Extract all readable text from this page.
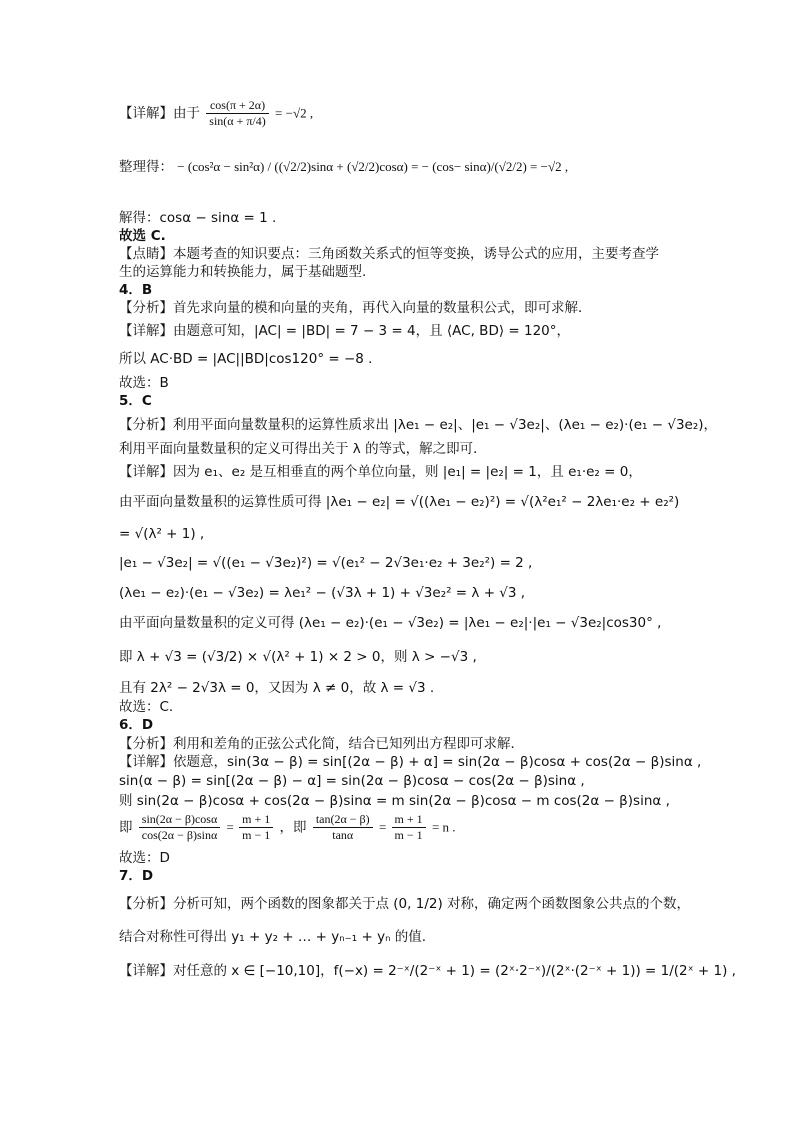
【详解】由于 $\frac{\cos(\pi + 2\alpha)}{\sin(\alpha + \pi/4)} = -√2$ ,
整理得： − (cos²α − sin²α) / ((√2/2)sinα + (√2/2)cosα) = − (cos− sinα)/(√2/2) = −√2 ,
解得：cosα − sinα = 1 .
故选 C.
【点睛】本题考查的知识要点：三角函数关系式的恒等变换，诱导公式的应用，主要考查学
生的运算能力和转换能力，属于基础题型.
4．B
【分析】首先求向量的模和向量的夹角，再代入向量的数量积公式，即可求解．
【详解】由题意可知，|AC| = |BD| = 7 − 3 = 4，且 ⟨AC, BD⟩ = 120°，
所以 AC·BD = |AC||BD|cos120° = −8 .
故选：B
5．C
【分析】利用平面向量数量积的运算性质求出 |λe₁ − e₂|、|e₁ − √3e₂|、(λe₁ − e₂)·(e₁ − √3e₂)，
利用平面向量数量积的定义可得出关于 λ 的等式，解之即可．
【详解】因为 e₁、e₂ 是互相垂直的两个单位向量，则 |e₁| = |e₂| = 1，且 e₁·e₂ = 0，
由平面向量数量积的运算性质可得 |λe₁ − e₂| = √((λe₁ − e₂)²) = √(λ²e₁² − 2λe₁·e₂ + e₂²)
= √(λ² + 1) ,
|e₁ − √3e₂| = √((e₁ − √3e₂)²) = √(e₁² − 2√3e₁·e₂ + 3e₂²) = 2 ,
(λe₁ − e₂)·(e₁ − √3e₂) = λe₁² − (√3λ + 1) + √3e₂² = λ + √3 ,
由平面向量数量积的定义可得 (λe₁ − e₂)·(e₁ − √3e₂) = |λe₁ − e₂|·|e₁ − √3e₂|cos30° ,
即 λ + √3 = (√3/2) × √(λ² + 1) × 2 > 0，则 λ > −√3 ,
且有 2λ² − 2√3λ = 0，又因为 λ ≠ 0，故 λ = √3 .
故选：C.
6．D
【分析】利用和差角的正弦公式化简，结合已知列出方程即可求解．
【详解】依题意，sin(3α − β) = sin[(2α − β) + α] = sin(2α − β)cosα + cos(2α − β)sinα ,
sin(α − β) = sin[(2α − β) − α] = sin(2α − β)cosα − cos(2α − β)sinα ,
则 sin(2α − β)cosα + cos(2α − β)sinα = m sin(2α − β)cosα − m cos(2α − β)sinα ,
即 $\frac{\sin(2\alpha - \beta)\cos\alpha}{\cos(2\alpha - \beta)\sin\alpha} = \frac{m + 1}{m - 1}$ ，即 $\frac{\tan(2\alpha - \beta)}{\tan\alpha} = \frac{m + 1}{m - 1} = n$ .
故选：D
7．D
【分析】分析可知，两个函数的图象都关于点 (0, 1/2) 对称，确定两个函数图象公共点的个数，
结合对称性可得出 y₁ + y₂ + … + yₙ₋₁ + yₙ 的值.
【详解】对任意的 x ∈ [−10,10]，f(−x) = 2⁻ˣ/(2⁻ˣ + 1) = (2ˣ·2⁻ˣ)/(2ˣ·(2⁻ˣ + 1)) = 1/(2ˣ + 1) ,
